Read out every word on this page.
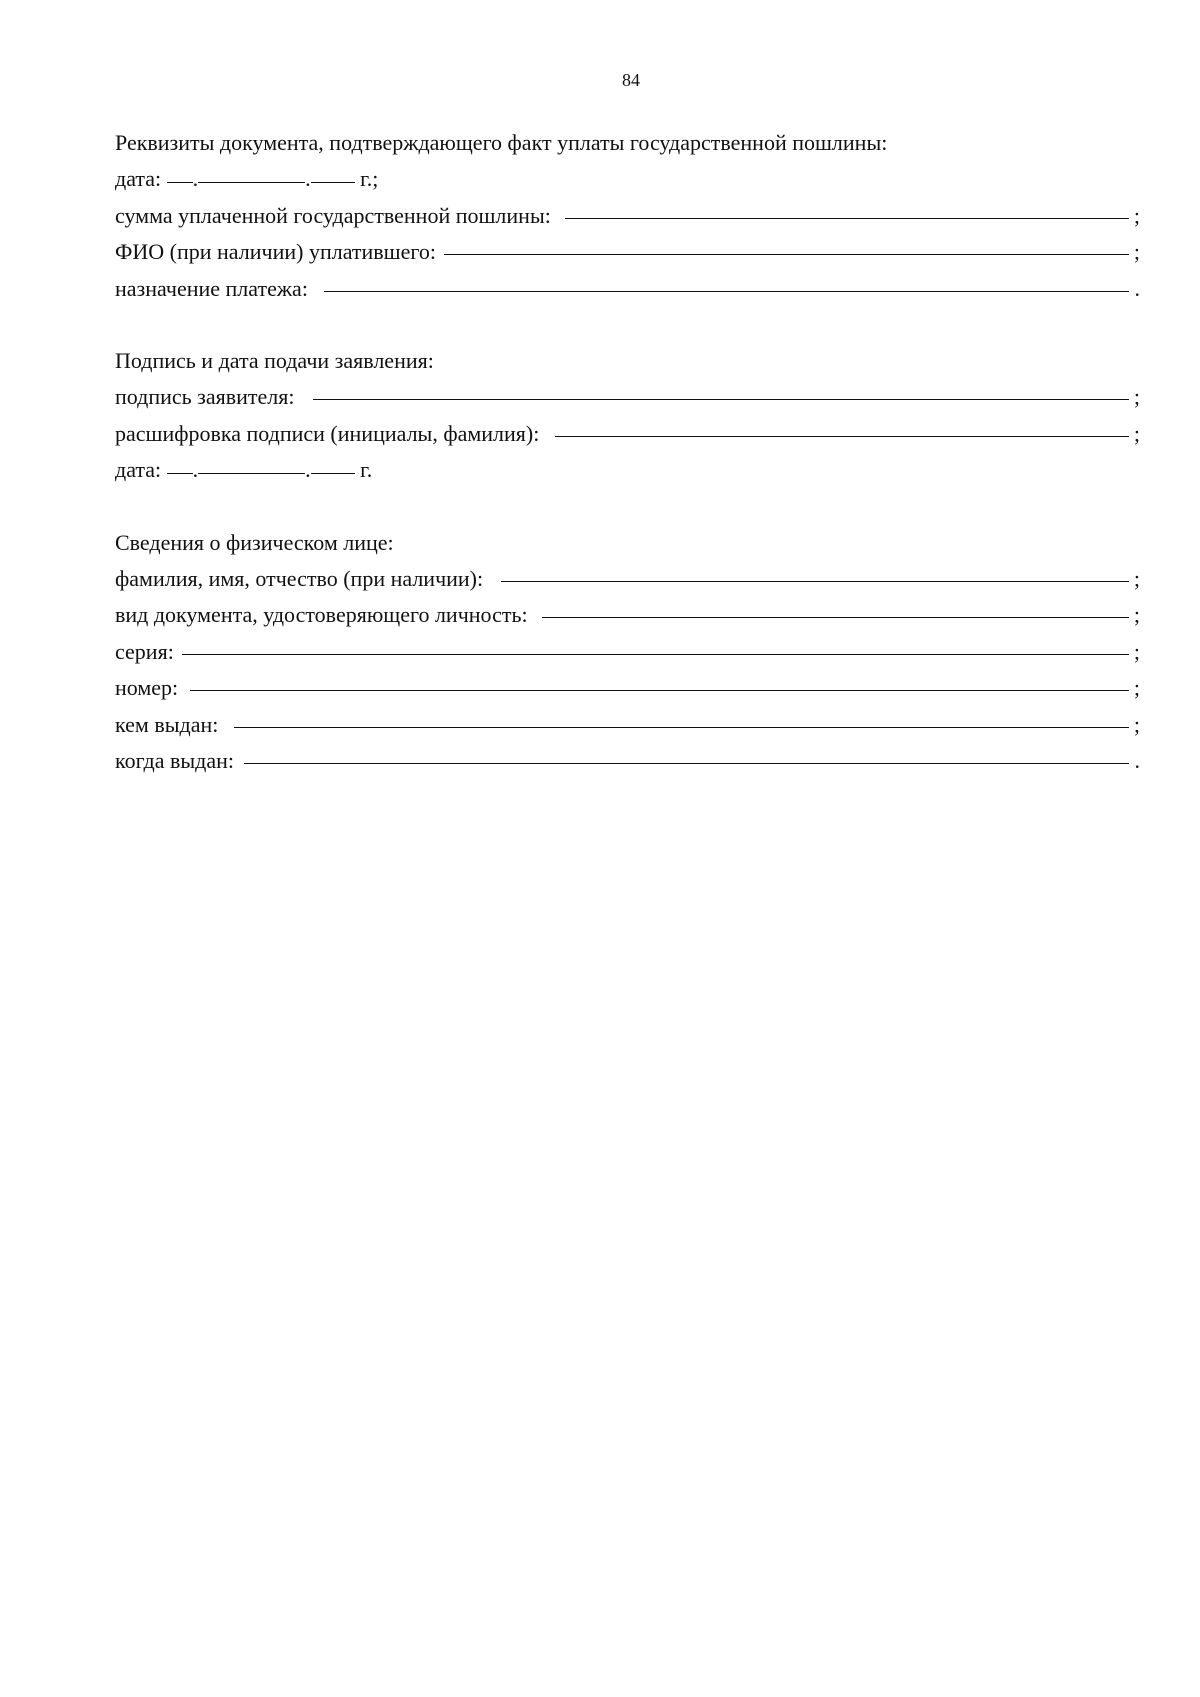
84
Реквизиты документа, подтверждающего факт уплаты государственной пошлины:
дата: .	. г.;
сумма уплаченной государственной пошлины:	;
ФИО (при наличии) уплатившего:	;
назначение платежа:	.
Подпись и дата подачи заявления:
подпись заявителя:	;
расшифровка подписи (инициалы, фамилия):	;
дата: .	. г.
Сведения о физическом лице:
фамилия, имя, отчество (при наличии):	;
вид документа, удостоверяющего личность:	;
серия:	;
номер:	;
кем выдан:	;
когда выдан:	.
